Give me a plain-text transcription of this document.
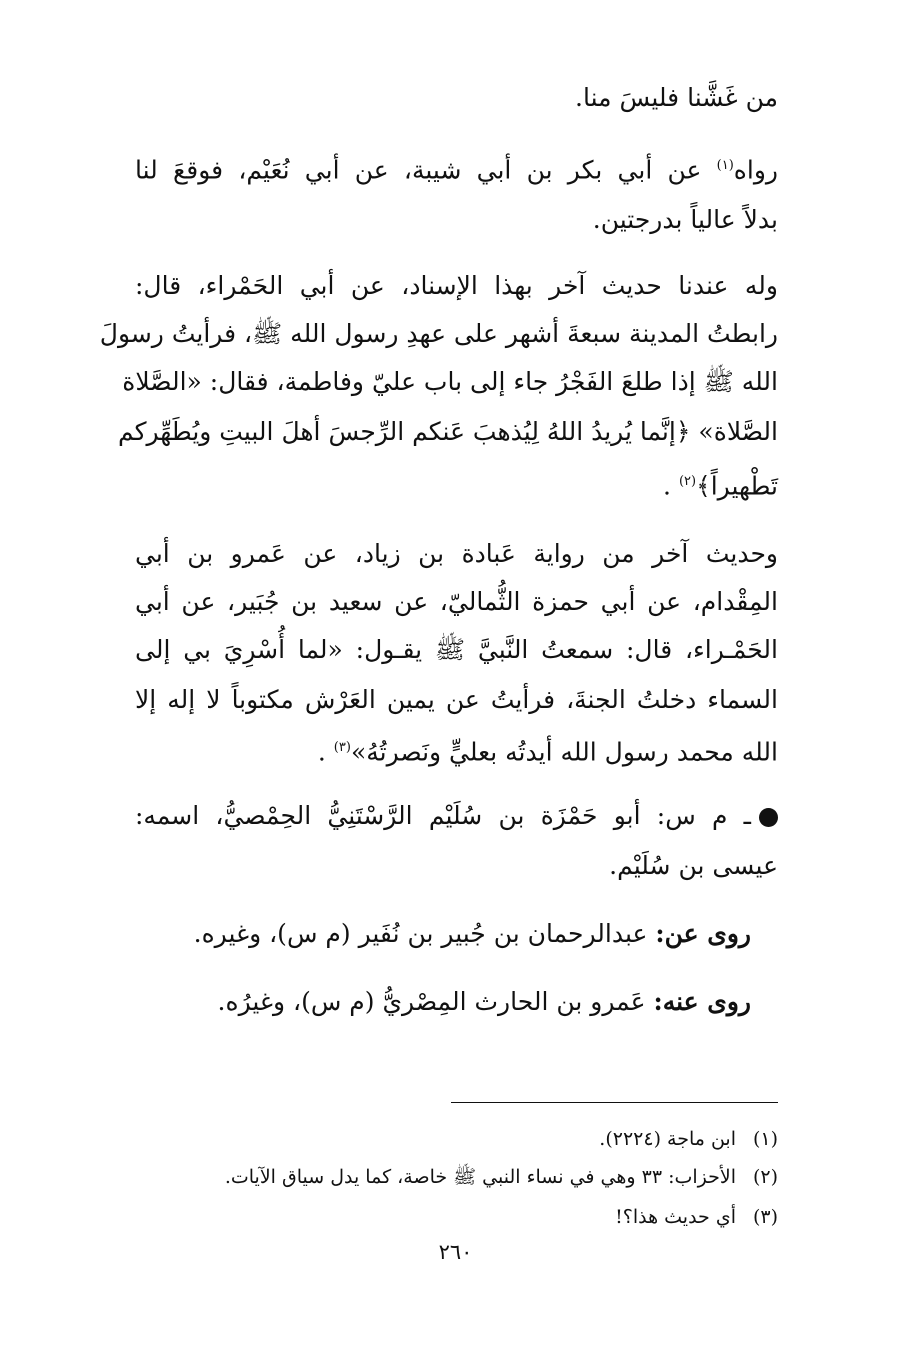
من غَشَّنا فليسَ منا.
رواه$^{(١)}$ عن أبي بكر بن أبي شيبة، عن أبي نُعَيْم، فوقعَ لنا
بدلاً عالياً بدرجتين.
وله عندنا حديث آخر بهذا الإسناد، عن أبي الحَمْراء، قال:
رابطتُ المدينة سبعةَ أشهر على عهدِ رسول الله ﷺ، فرأيتُ رسولَ
الله ﷺ إذا طلعَ الفَجْرُ جاء إلى باب عليّ وفاطمة، فقال: «الصَّلاة
الصَّلاة» ﴿إنَّما يُريدُ اللهُ لِيُذهبَ عَنكم الرِّجسَ أهلَ البيتِ ويُطَهِّركم
تَطْهيراً﴾$^{(٢)}$ .
وحديث آخر من رواية عَبادة بن زياد، عن عَمرو بن أبي
المِقْدام، عن أبي حمزة الثُّماليّ، عن سعيد بن جُبَير، عن أبي
الحَمْـراء، قال: سمعتُ النَّبيَّ ﷺ يقـول: «لما أُسْرِيَ بي إلى
السماء دخلتُ الجنةَ، فرأيتُ عن يمين العَرْش مكتوباً لا إله إلا
الله محمد رسول الله أيدتُه بعليٍّ ونَصرتُهُ»$^{(٣)}$ .
ـ م س: أبو حَمْزَة بن سُلَيْم الرَّسْتَنِيُّ الحِمْصيُّ، اسمه:
عيسى بن سُلَيْم.
روى عن: عبدالرحمان بن جُبير بن نُفَير (م س)، وغيره.
روى عنه: عَمرو بن الحارث المِصْريُّ (م س)، وغيرُه.
(١)ابن ماجة (٢٢٢٤).
(٢)الأحزاب: ٣٣ وهي في نساء النبي ﷺ خاصة، كما يدل سياق الآيات.
(٣)أي حديث هذا؟!
٢٦٠
